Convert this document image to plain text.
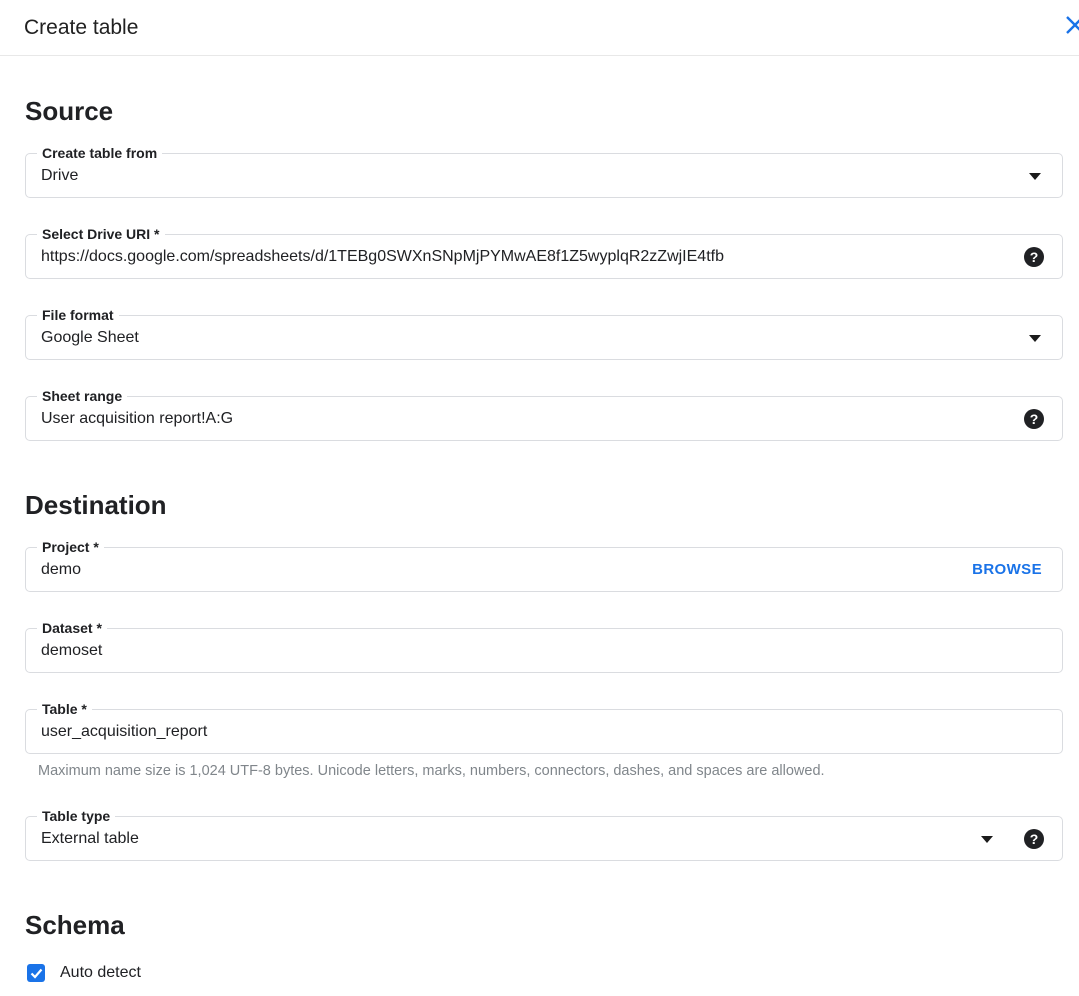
Create table
Source
Create table from
Drive
Select Drive URI *
https://docs.google.com/spreadsheets/d/1TEBg0SWXnSNpMjPYMwAE8f1Z5wyplqR2zZwjIE4tfb	?
File format
Google Sheet
Sheet range
User acquisition report!A:G	?
Destination
Project *
demo	BROWSE
Dataset *
demoset
Table *
user_acquisition_report
Maximum name size is 1,024 UTF-8 bytes. Unicode letters, marks, numbers, connectors, dashes, and spaces are allowed.
Table type
External table	?
Schema
Auto detect
